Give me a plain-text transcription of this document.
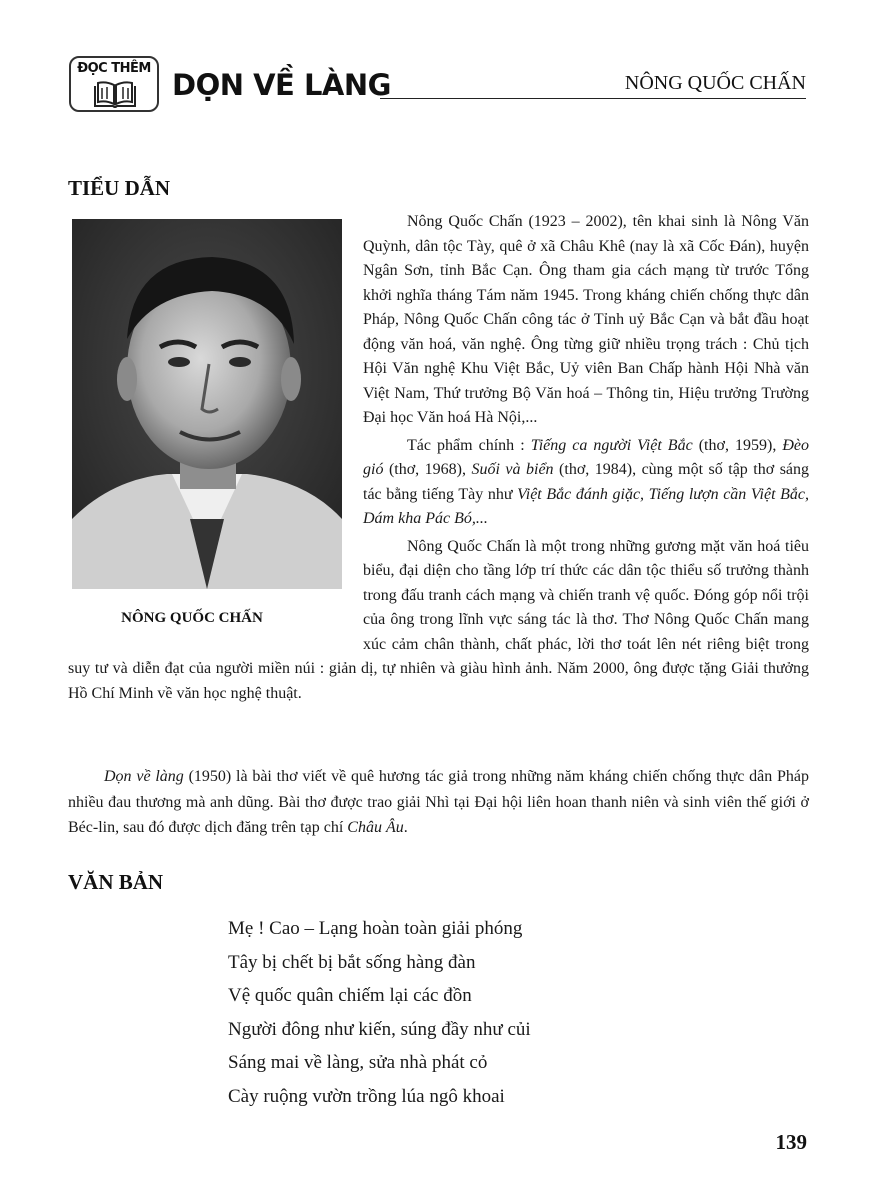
ĐỌC THÊM DỌN VỀ LÀNG	NÔNG QUỐC CHẤN
TIỂU DẪN
NÔNG QUỐC CHẤN

Nông Quốc Chấn (1923 – 2002), tên khai sinh là Nông Văn Quỳnh, dân tộc Tày, quê ở xã Châu Khê (nay là xã Cốc Đán), huyện Ngân Sơn, tỉnh Bắc Cạn. Ông tham gia cách mạng từ trước Tổng khởi nghĩa tháng Tám năm 1945. Trong kháng chiến chống thực dân Pháp, Nông Quốc Chấn công tác ở Tỉnh uỷ Bắc Cạn và bắt đầu hoạt động văn hoá, văn nghệ. Ông từng giữ nhiều trọng trách : Chủ tịch Hội Văn nghệ Khu Việt Bắc, Uỷ viên Ban Chấp hành Hội Nhà văn Việt Nam, Thứ trưởng Bộ Văn hoá – Thông tin, Hiệu trưởng Trường Đại học Văn hoá Hà Nội,...

Tác phẩm chính : Tiếng ca người Việt Bắc (thơ, 1959), Đèo gió (thơ, 1968), Suối và biển (thơ, 1984), cùng một số tập thơ sáng tác bằng tiếng Tày như Việt Bắc đánh giặc, Tiếng lượn cần Việt Bắc, Dám kha Pác Bó,...

Nông Quốc Chấn là một trong những gương mặt văn hoá tiêu biểu, đại diện cho tầng lớp trí thức các dân tộc thiểu số trưởng thành trong đấu tranh cách mạng và chiến tranh vệ quốc. Đóng góp nổi trội của ông trong lĩnh vực sáng tác là thơ. Thơ Nông Quốc Chấn mang xúc cảm chân thành, chất phác, lời thơ toát lên nét riêng biệt trong suy tư và diễn đạt của người miền núi : giản dị, tự nhiên và giàu hình ảnh. Năm 2000, ông được tặng Giải thưởng Hồ Chí Minh về văn học nghệ thuật.

Dọn về làng (1950) là bài thơ viết về quê hương tác giả trong những năm kháng chiến chống thực dân Pháp nhiều đau thương mà anh dũng. Bài thơ được trao giải Nhì tại Đại hội liên hoan thanh niên và sinh viên thế giới ở Béc-lin, sau đó được dịch đăng trên tạp chí Châu Âu.

VĂN BẢN
Mẹ ! Cao – Lạng hoàn toàn giải phóng
Tây bị chết bị bắt sống hàng đàn
Vệ quốc quân chiếm lại các đồn
Người đông như kiến, súng đầy như củi
Sáng mai về làng, sửa nhà phát cỏ
Cày ruộng vườn trồng lúa ngô khoai
139
